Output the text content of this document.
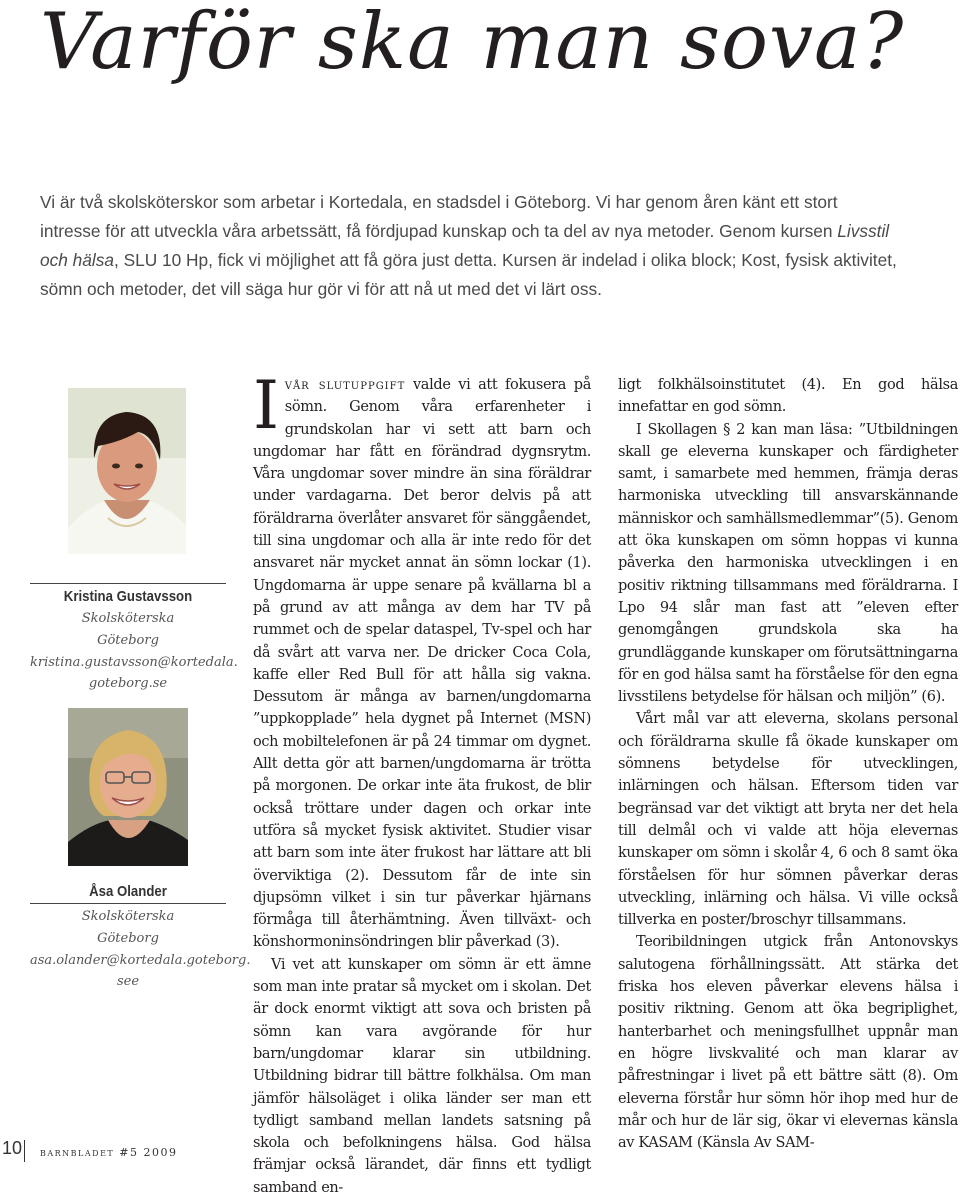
Varför ska man sova?

Vi är två skolsköterskor som arbetar i Kortedala, en stadsdel i Göteborg. Vi har genom åren känt ett stort

intresse för att utveckla våra arbetssätt, få fördjupad kunskap och ta del av nya metoder. Genom kursen Livsstil

och hälsa, SLU 10 Hp, fick vi möjlighet att få göra just detta. Kursen är indelad i olika block; Kost, fysisk aktivitet,

sömn och metoder, det vill säga hur gör vi för att nå ut med det vi lärt oss.

Kristina Gustavsson
Skolsköterska
Göteborg
kristina.gustavsson@kortedala.
goteborg.se
Åsa Olander
Skolsköterska
Göteborg
asa.olander@kortedala.goteborg.
see

Ivår slutuppgift valde vi att fokusera på sömn. Genom våra erfarenheter i grundskolan har vi sett att barn och ungdomar har fått en förändrad dygnsrytm. Våra ungdomar sover mindre än sina föräldrar under vardagarna. Det beror delvis på att föräldrarna överlåter ansvaret för sänggåendet, till sina ungdomar och alla är inte redo för det ansvaret när mycket annat än sömn lockar (1). Ungdomarna är uppe senare på kvällarna bl a på grund av att många av dem har TV på rummet och de spelar dataspel, Tv-spel och har då svårt att varva ner. De dricker Coca Cola, kaffe eller Red Bull för att hålla sig vakna. Dessutom är många av barnen/ungdomarna ”uppkopplade” hela dygnet på Internet (MSN) och mobiltelefonen är på 24 timmar om dygnet. Allt detta gör att barnen/ungdomarna är trötta på morgonen. De orkar inte äta frukost, de blir också tröttare under dagen och orkar inte utföra så mycket fysisk aktivitet. Studier visar att barn som inte äter frukost har lättare att bli överviktiga (2). Dessutom får de inte sin djupsömn vilket i sin tur påverkar hjärnans förmåga till återhämtning. Även tillväxt- och könshormoninsöndringen blir påverkad (3).

Vi vet att kunskaper om sömn är ett ämne som man inte pratar så mycket om i skolan. Det är dock enormt viktigt att sova och bristen på sömn kan vara avgörande för hur barn/ungdomar klarar sin utbildning. Utbildning bidrar till bättre folkhälsa. Om man jämför hälsoläget i olika länder ser man ett tydligt samband mellan landets satsning på skola och befolkningens hälsa. God hälsa främjar också lärandet, där finns ett tydligt samband en-

ligt folkhälsoinstitutet (4). En god hälsa innefattar en god sömn.

I Skollagen § 2 kan man läsa: ”Utbildningen skall ge eleverna kunskaper och färdigheter samt, i samarbete med hemmen, främja deras harmoniska utveckling till ansvarskännande människor och samhällsmedlemmar”(5). Genom att öka kunskapen om sömn hoppas vi kunna påverka den harmoniska utvecklingen i en positiv riktning tillsammans med föräldrarna. I Lpo 94 slår man fast att ”eleven efter genomgången grundskola ska ha grundläggande kunskaper om förutsättningarna för en god hälsa samt ha förståelse för den egna livsstilens betydelse för hälsan och miljön” (6).

Vårt mål var att eleverna, skolans personal och föräldrarna skulle få ökade kunskaper om sömnens betydelse för utvecklingen, inlärningen och hälsan. Eftersom tiden var begränsad var det viktigt att bryta ner det hela till delmål och vi valde att höja elevernas kunskaper om sömn i skolår 4, 6 och 8 samt öka förståelsen för hur sömnen påverkar deras utveckling, inlärning och hälsa. Vi ville också tillverka en poster/broschyr tillsammans.

Teoribildningen utgick från Antonovskys salutogena förhållningssätt. Att stärka det friska hos eleven påverkar elevens hälsa i positiv riktning. Genom att öka begriplighet, hanterbarhet och meningsfullhet uppnår man en högre livskvalité och man klarar av påfrestningar i livet på ett bättre sätt (8). Om eleverna förstår hur sömn hör ihop med hur de mår och hur de lär sig, ökar vi elevernas känsla av KASAM (Känsla Av SAM-

10 barnbladet #5 2009
